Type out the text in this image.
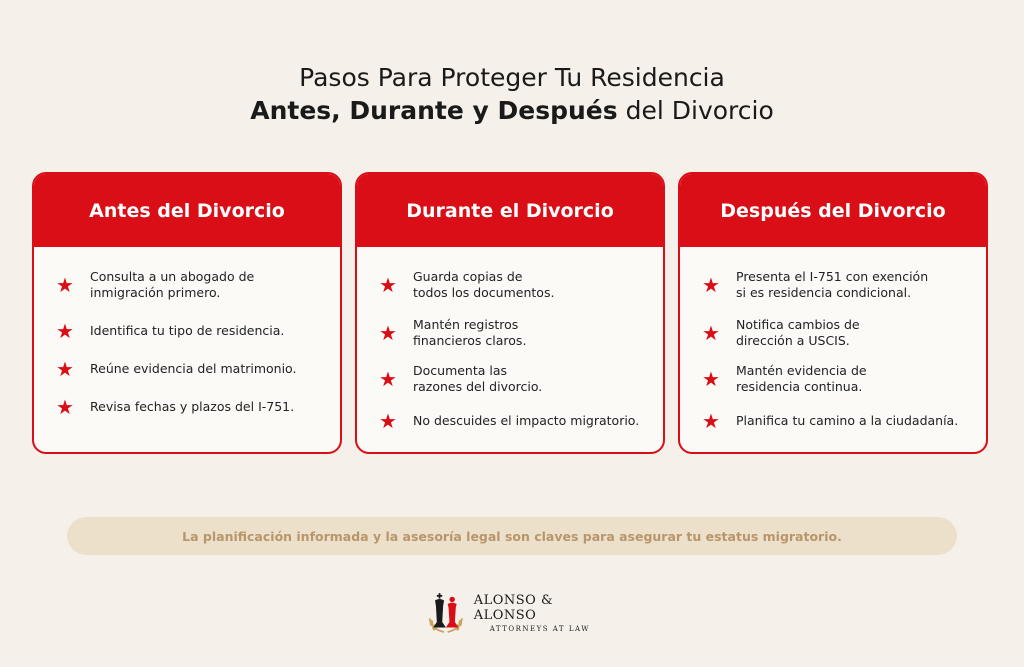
Pasos Para Proteger Tu Residencia
Antes, Durante y Después del Divorcio
Antes del Divorcio
★ Consulta a un abogado de
inmigración primero.
★ Identifica tu tipo de residencia.
★ Reúne evidencia del matrimonio.
★ Revisa fechas y plazos del I-751.
Durante el Divorcio
★ Guarda copias de
todos los documentos.
★ Mantén registros
financieros claros.
★ Documenta las
razones del divorcio.
★ No descuides el impacto migratorio.
Después del Divorcio
★ Presenta el I-751 con exención
si es residencia condicional.
★ Notifica cambios de
dirección a USCIS.
★ Mantén evidencia de
residencia continua.
★ Planifica tu camino a la ciudadanía.
La planificación informada y la asesoría legal son claves para asegurar tu estatus migratorio.
ALONSO & ALONSO
ATTORNEYS AT LAW
